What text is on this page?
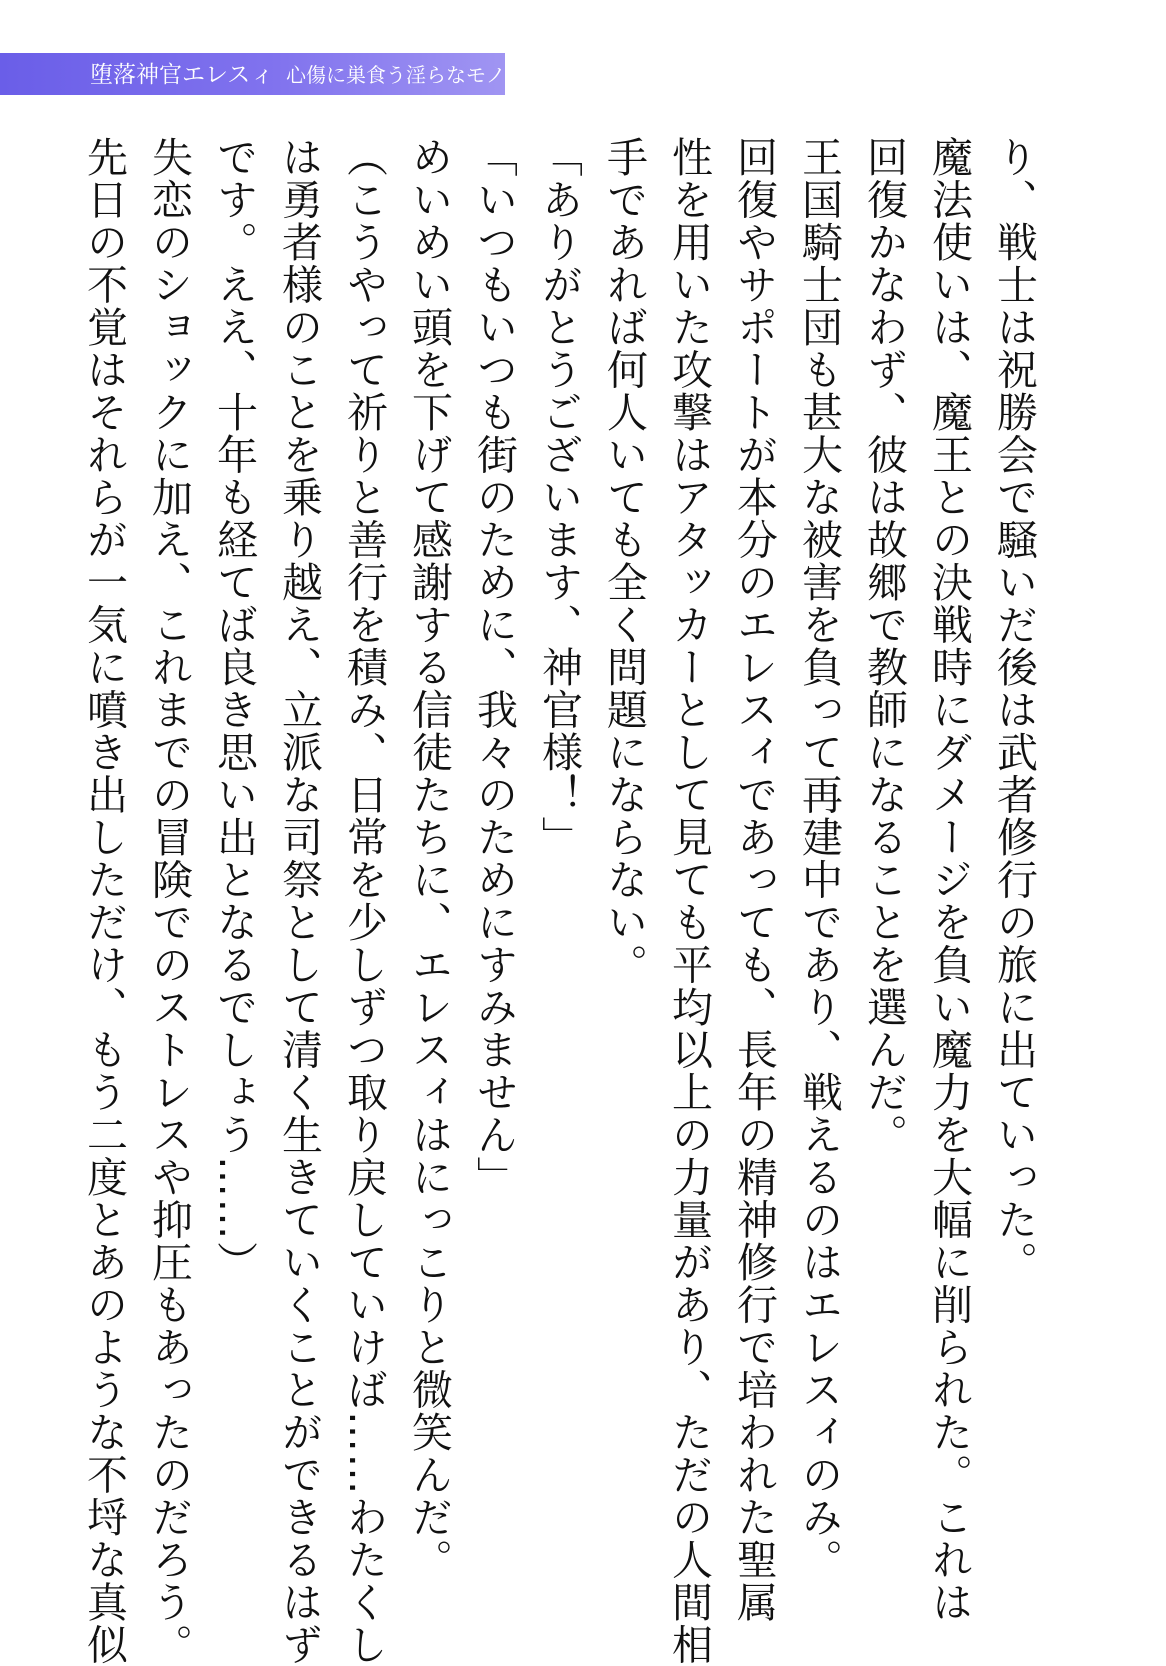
堕落神官エレスィ 心傷に巣食う淫らなモノ
り、戦士は祝勝会で騒いだ後は武者修行の旅に出ていった。
魔法使いは、魔王との決戦時にダメージを負い魔力を大幅に削られた。これは
回復かなわず、彼は故郷で教師になることを選んだ。
王国騎士団も甚大な被害を負って再建中であり、戦えるのはエレスィのみ。
回復やサポートが本分のエレスィであっても、長年の精神修行で培われた聖属
性を用いた攻撃はアタッカーとして見ても平均以上の力量があり、ただの人間相
手であれば何人いても全く問題にならない。
「ありがとうございます、神官様！」
「いつもいつも街のために、我々のためにすみません」
めいめい頭を下げて感謝する信徒たちに、エレスィはにっこりと微笑んだ。
（こうやって祈りと善行を積み、日常を少しずつ取り戻していけば……わたくし
は勇者様のことを乗り越え、立派な司祭として清く生きていくことができるはず
です。ええ、十年も経てば良き思い出となるでしょう……）
失恋のショックに加え、これまでの冒険でのストレスや抑圧もあったのだろう。
先日の不覚はそれらが一気に噴き出しただけ、もう二度とあのような不埒な真似
